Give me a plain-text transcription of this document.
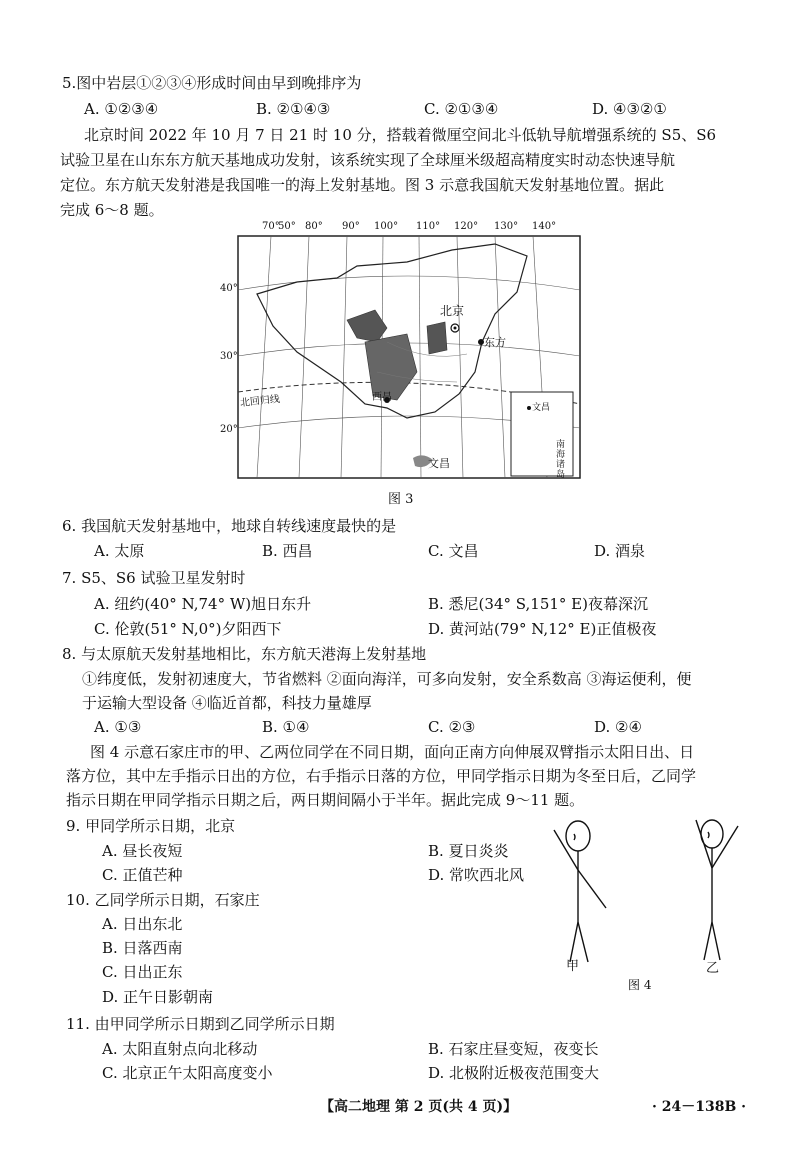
5.图中岩层①②③④形成时间由早到晚排序为
A. ①②③④	B. ②①④③	C. ②①③④	D. ④③②①
北京时间 2022 年 10 月 7 日 21 时 10 分，搭载着微厘空间北斗低轨导航增强系统的 S5、S6
试验卫星在山东东方航天基地成功发射，该系统实现了全球厘米级超高精度实时动态快速导航
定位。东方航天发射港是我国唯一的海上发射基地。图 3 示意我国航天发射基地位置。据此
完成 6～8 题。
70°
50° 80° 90° 100° 110° 120° 130° 140°
40°
30°
20°
北京
东方
西昌
文昌
文昌
北回归线
南海诸岛
图 3
6. 我国航天发射基地中，地球自转线速度最快的是
A. 太原	B. 西昌	C. 文昌	D. 酒泉
7. S5、S6 试验卫星发射时
A. 纽约(40° N,74° W)旭日东升	B. 悉尼(34° S,151° E)夜幕深沉
C. 伦敦(51° N,0°)夕阳西下	D. 黄河站(79° N,12° E)正值极夜
8. 与太原航天发射基地相比，东方航天港海上发射基地
①纬度低，发射初速度大，节省燃料 ②面向海洋，可多向发射，安全系数高 ③海运便利，便
于运输大型设备 ④临近首都，科技力量雄厚
A. ①③	B. ①④	C. ②③	D. ②④
图 4 示意石家庄市的甲、乙两位同学在不同日期，面向正南方向伸展双臂指示太阳日出、日
落方位，其中左手指示日出的方位，右手指示日落的方位，甲同学指示日期为冬至日后，乙同学
指示日期在甲同学指示日期之后，两日期间隔小于半年。据此完成 9～11 题。
9. 甲同学所示日期，北京
A. 昼长夜短	B. 夏日炎炎
C. 正值芒种	D. 常吹西北风
10. 乙同学所示日期，石家庄
A. 日出东北
B. 日落西南
C. 日出正东
D. 正午日影朝南
甲	乙
图 4
11. 由甲同学所示日期到乙同学所示日期
A. 太阳直射点向北移动	B. 石家庄昼变短，夜变长
C. 北京正午太阳高度变小	D. 北极附近极夜范围变大
【高二地理 第 2 页(共 4 页)】	· 24－138B ·
